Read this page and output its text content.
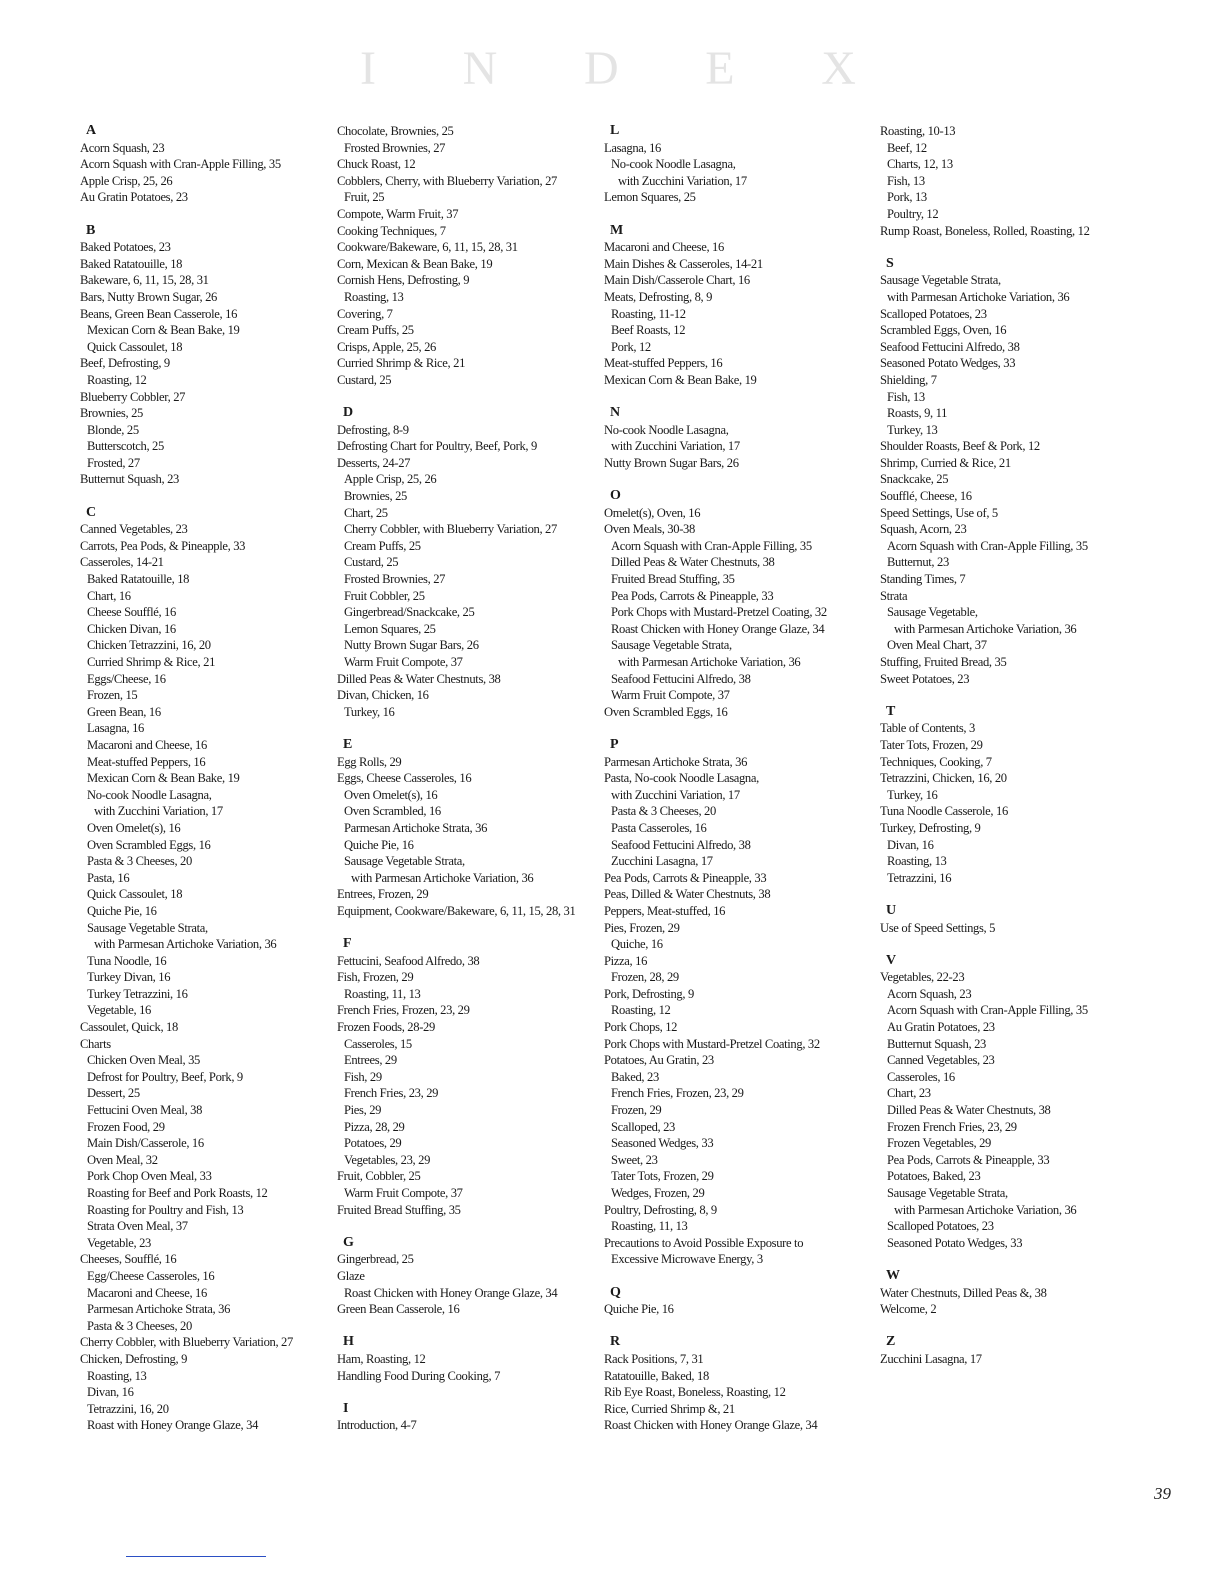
I N D E X
A
Acorn Squash, 23
Acorn Squash with Cran-Apple Filling, 35
Apple Crisp, 25, 26
Au Gratin Potatoes, 23
B
Baked Potatoes, 23
Baked Ratatouille, 18
Bakeware, 6, 11, 15, 28, 31
Bars, Nutty Brown Sugar, 26
Beans, Green Bean Casserole, 16
Mexican Corn & Bean Bake, 19
Quick Cassoulet, 18
Beef, Defrosting, 9
Roasting, 12
Blueberry Cobbler, 27
Brownies, 25
Blonde, 25
Butterscotch, 25
Frosted, 27
Butternut Squash, 23
C
Canned Vegetables, 23
Carrots, Pea Pods, & Pineapple, 33
Casseroles, 14-21
Baked Ratatouille, 18
Chart, 16
Cheese Soufflé, 16
Chicken Divan, 16
Chicken Tetrazzini, 16, 20
Curried Shrimp & Rice, 21
Eggs/Cheese, 16
Frozen, 15
Green Bean, 16
Lasagna, 16
Macaroni and Cheese, 16
Meat-stuffed Peppers, 16
Mexican Corn & Bean Bake, 19
No-cook Noodle Lasagna,
with Zucchini Variation, 17
Oven Omelet(s), 16
Oven Scrambled Eggs, 16
Pasta & 3 Cheeses, 20
Pasta, 16
Quick Cassoulet, 18
Quiche Pie, 16
Sausage Vegetable Strata,
with Parmesan Artichoke Variation, 36
Tuna Noodle, 16
Turkey Divan, 16
Turkey Tetrazzini, 16
Vegetable, 16
Cassoulet, Quick, 18
Charts
Chicken Oven Meal, 35
Defrost for Poultry, Beef, Pork, 9
Dessert, 25
Fettucini Oven Meal, 38
Frozen Food, 29
Main Dish/Casserole, 16
Oven Meal, 32
Pork Chop Oven Meal, 33
Roasting for Beef and Pork Roasts, 12
Roasting for Poultry and Fish, 13
Strata Oven Meal, 37
Vegetable, 23
Cheeses, Soufflé, 16
Egg/Cheese Casseroles, 16
Macaroni and Cheese, 16
Parmesan Artichoke Strata, 36
Pasta & 3 Cheeses, 20
Cherry Cobbler, with Blueberry Variation, 27
Chicken, Defrosting, 9
Roasting, 13
Divan, 16
Tetrazzini, 16, 20
Roast with Honey Orange Glaze, 34
Chocolate, Brownies, 25
Frosted Brownies, 27
Chuck Roast, 12
Cobblers, Cherry, with Blueberry Variation, 27
Fruit, 25
Compote, Warm Fruit, 37
Cooking Techniques, 7
Cookware/Bakeware, 6, 11, 15, 28, 31
Corn, Mexican & Bean Bake, 19
Cornish Hens, Defrosting, 9
Roasting, 13
Covering, 7
Cream Puffs, 25
Crisps, Apple, 25, 26
Curried Shrimp & Rice, 21
Custard, 25
D
Defrosting, 8-9
Defrosting Chart for Poultry, Beef, Pork, 9
Desserts, 24-27
Apple Crisp, 25, 26
Brownies, 25
Chart, 25
Cherry Cobbler, with Blueberry Variation, 27
Cream Puffs, 25
Custard, 25
Frosted Brownies, 27
Fruit Cobbler, 25
Gingerbread/Snackcake, 25
Lemon Squares, 25
Nutty Brown Sugar Bars, 26
Warm Fruit Compote, 37
Dilled Peas & Water Chestnuts, 38
Divan, Chicken, 16
Turkey, 16
E
Egg Rolls, 29
Eggs, Cheese Casseroles, 16
Oven Omelet(s), 16
Oven Scrambled, 16
Parmesan Artichoke Strata, 36
Quiche Pie, 16
Sausage Vegetable Strata,
with Parmesan Artichoke Variation, 36
Entrees, Frozen, 29
Equipment, Cookware/Bakeware, 6, 11, 15, 28, 31
F
Fettucini, Seafood Alfredo, 38
Fish, Frozen, 29
Roasting, 11, 13
French Fries, Frozen, 23, 29
Frozen Foods, 28-29
Casseroles, 15
Entrees, 29
Fish, 29
French Fries, 23, 29
Pies, 29
Pizza, 28, 29
Potatoes, 29
Vegetables, 23, 29
Fruit, Cobbler, 25
Warm Fruit Compote, 37
Fruited Bread Stuffing, 35
G
Gingerbread, 25
Glaze
Roast Chicken with Honey Orange Glaze, 34
Green Bean Casserole, 16
H
Ham, Roasting, 12
Handling Food During Cooking, 7
I
Introduction, 4-7
L
Lasagna, 16
No-cook Noodle Lasagna,
with Zucchini Variation, 17
Lemon Squares, 25
M
Macaroni and Cheese, 16
Main Dishes & Casseroles, 14-21
Main Dish/Casserole Chart, 16
Meats, Defrosting, 8, 9
Roasting, 11-12
Beef Roasts, 12
Pork, 12
Meat-stuffed Peppers, 16
Mexican Corn & Bean Bake, 19
N
No-cook Noodle Lasagna,
with Zucchini Variation, 17
Nutty Brown Sugar Bars, 26
O
Omelet(s), Oven, 16
Oven Meals, 30-38
Acorn Squash with Cran-Apple Filling, 35
Dilled Peas & Water Chestnuts, 38
Fruited Bread Stuffing, 35
Pea Pods, Carrots & Pineapple, 33
Pork Chops with Mustard-Pretzel Coating, 32
Roast Chicken with Honey Orange Glaze, 34
Sausage Vegetable Strata,
with Parmesan Artichoke Variation, 36
Seafood Fettucini Alfredo, 38
Warm Fruit Compote, 37
Oven Scrambled Eggs, 16
P
Parmesan Artichoke Strata, 36
Pasta, No-cook Noodle Lasagna,
with Zucchini Variation, 17
Pasta & 3 Cheeses, 20
Pasta Casseroles, 16
Seafood Fettucini Alfredo, 38
Zucchini Lasagna, 17
Pea Pods, Carrots & Pineapple, 33
Peas, Dilled & Water Chestnuts, 38
Peppers, Meat-stuffed, 16
Pies, Frozen, 29
Quiche, 16
Pizza, 16
Frozen, 28, 29
Pork, Defrosting, 9
Roasting, 12
Pork Chops, 12
Pork Chops with Mustard-Pretzel Coating, 32
Potatoes, Au Gratin, 23
Baked, 23
French Fries, Frozen, 23, 29
Frozen, 29
Scalloped, 23
Seasoned Wedges, 33
Sweet, 23
Tater Tots, Frozen, 29
Wedges, Frozen, 29
Poultry, Defrosting, 8, 9
Roasting, 11, 13
Precautions to Avoid Possible Exposure to
Excessive Microwave Energy, 3
Q
Quiche Pie, 16
R
Rack Positions, 7, 31
Ratatouille, Baked, 18
Rib Eye Roast, Boneless, Roasting, 12
Rice, Curried Shrimp &, 21
Roast Chicken with Honey Orange Glaze, 34
Roasting, 10-13
Beef, 12
Charts, 12, 13
Fish, 13
Pork, 13
Poultry, 12
Rump Roast, Boneless, Rolled, Roasting, 12
S
Sausage Vegetable Strata,
with Parmesan Artichoke Variation, 36
Scalloped Potatoes, 23
Scrambled Eggs, Oven, 16
Seafood Fettucini Alfredo, 38
Seasoned Potato Wedges, 33
Shielding, 7
Fish, 13
Roasts, 9, 11
Turkey, 13
Shoulder Roasts, Beef & Pork, 12
Shrimp, Curried & Rice, 21
Snackcake, 25
Soufflé, Cheese, 16
Speed Settings, Use of, 5
Squash, Acorn, 23
Acorn Squash with Cran-Apple Filling, 35
Butternut, 23
Standing Times, 7
Strata
Sausage Vegetable,
with Parmesan Artichoke Variation, 36
Oven Meal Chart, 37
Stuffing, Fruited Bread, 35
Sweet Potatoes, 23
T
Table of Contents, 3
Tater Tots, Frozen, 29
Techniques, Cooking, 7
Tetrazzini, Chicken, 16, 20
Turkey, 16
Tuna Noodle Casserole, 16
Turkey, Defrosting, 9
Divan, 16
Roasting, 13
Tetrazzini, 16
U
Use of Speed Settings, 5
V
Vegetables, 22-23
Acorn Squash, 23
Acorn Squash with Cran-Apple Filling, 35
Au Gratin Potatoes, 23
Butternut Squash, 23
Canned Vegetables, 23
Casseroles, 16
Chart, 23
Dilled Peas & Water Chestnuts, 38
Frozen French Fries, 23, 29
Frozen Vegetables, 29
Pea Pods, Carrots & Pineapple, 33
Potatoes, Baked, 23
Sausage Vegetable Strata,
with Parmesan Artichoke Variation, 36
Scalloped Potatoes, 23
Seasoned Potato Wedges, 33
W
Water Chestnuts, Dilled Peas &, 38
Welcome, 2
Z
Zucchini Lasagna, 17
39
